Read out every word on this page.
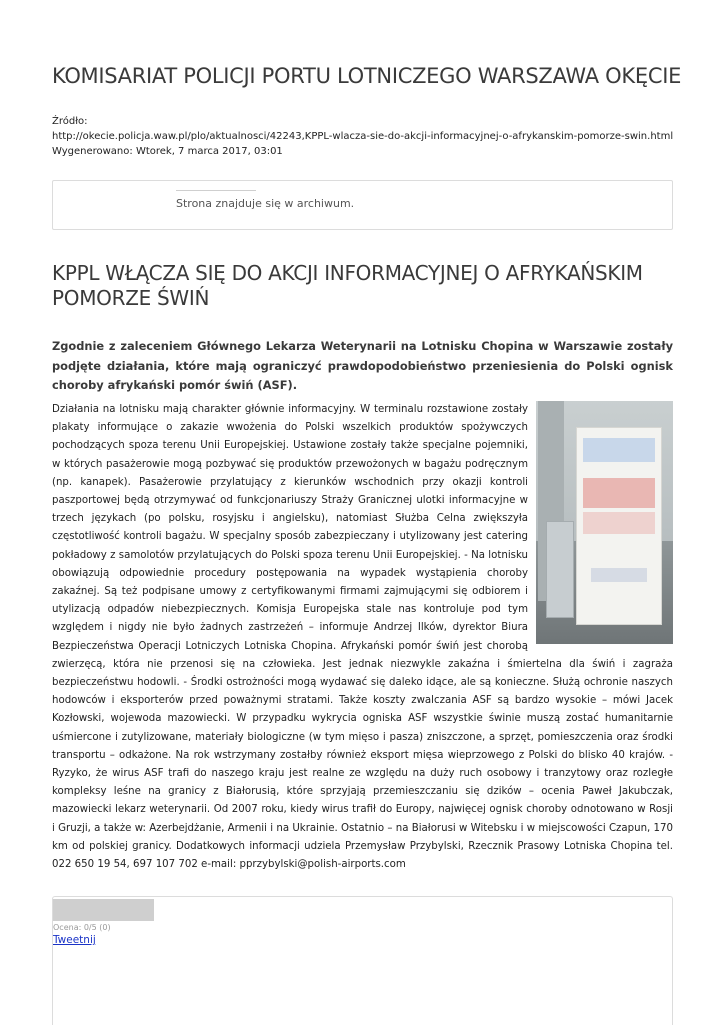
KOMISARIAT POLICJI PORTU LOTNICZEGO WARSZAWA OKĘCIE
Źródło:
http://okecie.policja.waw.pl/plo/aktualnosci/42243,KPPL-wlacza-sie-do-akcji-informacyjnej-o-afrykanskim-pomorze-swin.html
Wygenerowano: Wtorek, 7 marca 2017, 03:01
Strona znajduje się w archiwum.
KPPL WŁĄCZA SIĘ DO AKCJI INFORMACYJNEJ O AFRYKAŃSKIM POMORZE ŚWIŃ

Zgodnie z zaleceniem Głównego Lekarza Weterynarii na Lotnisku Chopina w Warszawie zostały podjęte działania, które mają ograniczyć prawdopodobieństwo przeniesienia do Polski ognisk choroby afrykański pomór świń (ASF).

Działania na lotnisku mają charakter głównie informacyjny. W terminalu rozstawione zostały plakaty informujące o zakazie wwożenia do Polski wszelkich produktów spożywczych pochodzących spoza terenu Unii Europejskiej. Ustawione zostały także specjalne pojemniki, w których pasażerowie mogą pozbywać się produktów przewożonych w bagażu podręcznym (np. kanapek). Pasażerowie przylatujący z kierunków wschodnich przy okazji kontroli paszportowej będą otrzymywać od funkcjonariuszy Straży Granicznej ulotki informacyjne w trzech językach (po polsku, rosyjsku i angielsku), natomiast Służba Celna zwiększyła częstotliwość kontroli bagażu. W specjalny sposób zabezpieczany i utylizowany jest catering pokładowy z samolotów przylatujących do Polski spoza terenu Unii Europejskiej. - Na lotnisku obowiązują odpowiednie procedury postępowania na wypadek wystąpienia choroby zakaźnej. Są też podpisane umowy z certyfikowanymi firmami zajmującymi się odbiorem i utylizacją odpadów niebezpiecznych. Komisja Europejska stale nas kontroluje pod tym względem i nigdy nie było żadnych zastrzeżeń – informuje Andrzej Ilków, dyrektor Biura Bezpieczeństwa Operacji Lotniczych Lotniska Chopina. Afrykański pomór świń jest chorobą zwierzęcą, która nie przenosi się na człowieka. Jest jednak niezwykle zakaźna i śmiertelna dla świń i zagraża bezpieczeństwu hodowli. - Środki ostrożności mogą wydawać się daleko idące, ale są konieczne. Służą ochronie naszych hodowców i eksporterów przed poważnymi stratami. Także koszty zwalczania ASF są bardzo wysokie – mówi Jacek Kozłowski, wojewoda mazowiecki. W przypadku wykrycia ogniska ASF wszystkie świnie muszą zostać humanitarnie uśmiercone i zutylizowane, materiały biologiczne (w tym mięso i pasza) zniszczone, a sprzęt, pomieszczenia oraz środki transportu – odkażone. Na rok wstrzymany zostałby również eksport mięsa wieprzowego z Polski do blisko 40 krajów. - Ryzyko, że wirus ASF trafi do naszego kraju jest realne ze względu na duży ruch osobowy i tranzytowy oraz rozległe kompleksy leśne na granicy z Białorusią, które sprzyjają przemieszczaniu się dzików – ocenia Paweł Jakubczak, mazowiecki lekarz weterynarii. Od 2007 roku, kiedy wirus trafił do Europy, najwięcej ognisk choroby odnotowano w Rosji i Gruzji, a także w: Azerbejdżanie, Armenii i na Ukrainie. Ostatnio – na Białorusi w Witebsku i w miejscowości Czapun, 170 km od polskiej granicy. Dodatkowych informacji udziela Przemysław Przybylski, Rzecznik Prasowy Lotniska Chopina tel. 022 650 19 54, 697 107 702 e-mail: pprzybylski@polish-airports.com
Ocena: 0/5 (0)
Tweetnij
